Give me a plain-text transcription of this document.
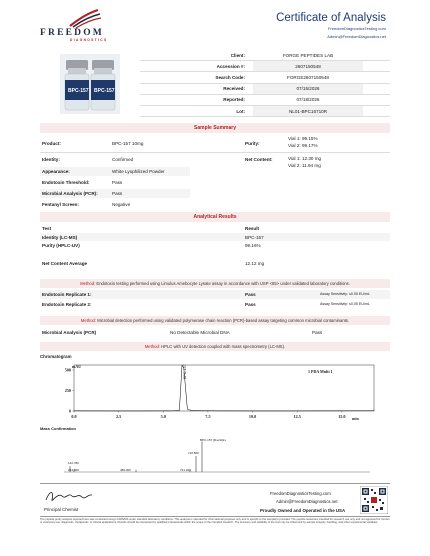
FREEDOM
DIAGNOSTICS
Certificate of Analysis
FreedomDiagnosticsTesting.com
Admin@FreedomDiagnostics.net
BPC-157 BPC-157
Client:	FORGE PEPTIDES LAB
Accession #:	2607150548
Search Code:	FORGE2607150548
Received:	07/15/2026
Reported:	07/18/2026
Lot:	NL01-BPC15710R
Sample Summary
Product:	BPC-157 10mg	Purity:
Vial 1: 99.15%
Vial 2: 99.17%
Identity:	Confirmed	Net Content:	Vial 1: 12.30 mg
Vial 2: 11.94 mg
Appearance:	White Lyophilized Powder
Endotoxin Threshold:	Pass
Microbial Analysis (PCR):	Pass
Fentanyl Screen:	Negative
Analytical Results
Test	Result
Identity (LC-MS)	BPC-157
Purity (HPLC-UV)	99.16%
Net Content Average	12.12 mg
Method: Endotoxin testing performed using Limulus Amebocyte Lysate assay in accordance with USP <85> under validated laboratory conditions.
Endotoxin Replicate 1:	Pass	Assay Sensitivity: ≤0.05 EU/mL
Endotoxin Replicate 2:	Pass	Assay Sensitivity: ≤0.05 EU/mL
Method: Microbial detection performed using validated polymerase chain reaction (PCR)-based assay targeting common microbial contaminants.
Microbial Analysis (PCR)	No Detectable Microbial DNA	Pass
Method: HPLC with UV detection coupled with mass spectrometry (LC-MS).
Chromatogram
0.0	2.5	5.0	7.5	10.0	12.5	15.0
0
250
500	BPC-157
mAU
1 PDA Multi 1
min
Mass Confirmation
BPC-157 [M+2H]2+
142.780
244.869	486.300
710.500
721.200
Principal Chemist
FreedomDiagnosticsTesting.com
Admin@FreedomDiagnostics.net
Proudly Owned and Operated in the USA
The peptide purity analysis reported here was conducted using LC/MS/MS under standard laboratory conditions. This analysis is intended for informational purposes only and is specific to the sample(s) provided. The peptide tested are intended for research use only and not approved for human or veterinary use, diagnostic, therapeutic, or clinical applications. Results should be interpreted by qualified professionals within the scope of the intended research. The accuracy and reliability of the test may be influenced by sample integrity, handling, and other experimental variables.
